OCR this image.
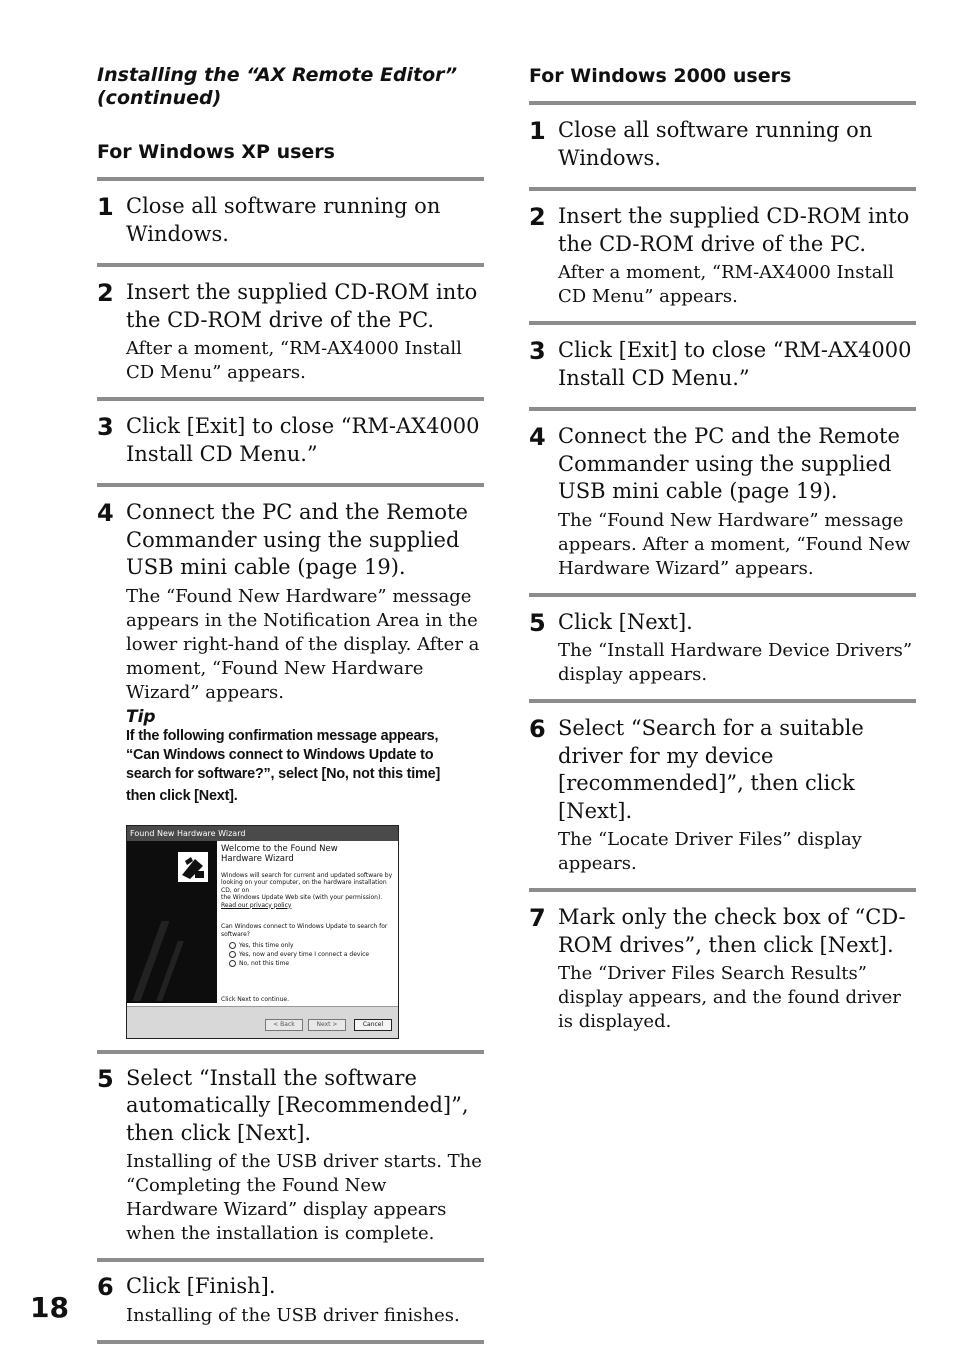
Installing the “AX Remote Editor”
(continued)
For Windows XP users
1 Close all software running on Windows.
2 Insert the supplied CD-ROM into the CD-ROM drive of the PC.
After a moment, “RM-AX4000 Install CD Menu” appears.
3 Click [Exit] to close “RM-AX4000 Install CD Menu.”
4 Connect the PC and the Remote Commander using the supplied USB mini cable (page 19).
The “Found New Hardware” message appears in the Notification Area in the lower right-hand of the display. After a moment, “Found New Hardware Wizard” appears.
Tip
If the following confirmation message appears,
“Can Windows connect to Windows Update to
search for software?”, select [No, not this time]
then click [Next].
Found New Hardware Wizard
Welcome to the Found New
Hardware Wizard
Windows will search for current and updated software by
looking on your computer, on the hardware installation CD, or on
the Windows Update Web site (with your permission).
Read our privacy policy
Can Windows connect to Windows Update to search for
software?
Yes, this time only
Yes, now and every time I connect a device
No, not this time
Click Next to continue.
< Back	Next >	Cancel
5 Select “Install the software automatically [Recommended]”, then click [Next].
Installing of the USB driver starts. The “Completing the Found New Hardware Wizard” display appears when the installation is complete.
6 Click [Finish].
Installing of the USB driver finishes.
For Windows 2000 users
1 Close all software running on Windows.
2 Insert the supplied CD-ROM into the CD-ROM drive of the PC.
After a moment, “RM-AX4000 Install CD Menu” appears.
3 Click [Exit] to close “RM-AX4000 Install CD Menu.”
4 Connect the PC and the Remote Commander using the supplied USB mini cable (page 19).
The “Found New Hardware” message appears. After a moment, “Found New Hardware Wizard” appears.
5 Click [Next].
The “Install Hardware Device Drivers” display appears.
6 Select “Search for a suitable driver for my device [recommended]”, then click [Next].
The “Locate Driver Files” display appears.
7 Mark only the check box of “CD-ROM drives”, then click [Next].
The “Driver Files Search Results” display appears, and the found driver is displayed.
18
